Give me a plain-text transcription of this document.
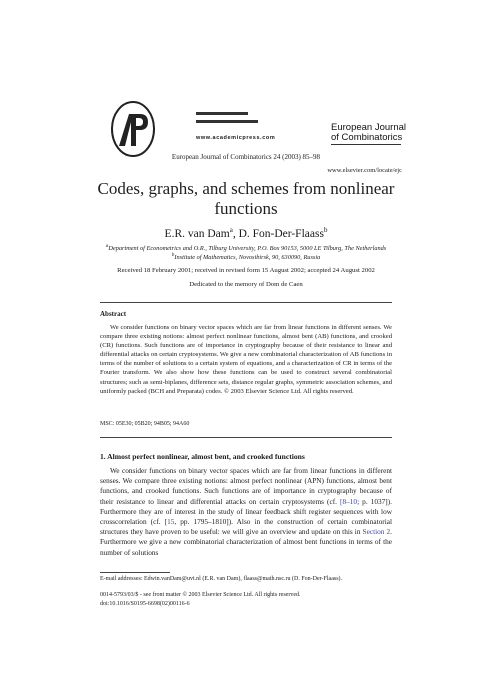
www.academicpress.com
European Journal
of Combinatorics
European Journal of Combinatorics 24 (2003) 85–98
www.elsevier.com/locate/ejc
Codes, graphs, and schemes from nonlinear functions
E.R. van Dam$^a$, D. Fon-Der-Flaass$^b$
$^a$Department of Econometrics and O.R., Tilburg University, P.O. Box 90153, 5000 LE Tilburg, The Netherlands
$^b$Institute of Mathematics, Novosibirsk, 90, 630090, Russia
Received 18 February 2001; received in revised form 15 August 2002; accepted 24 August 2002
Dedicated to the memory of Dom de Caen
Abstract
We consider functions on binary vector spaces which are far from linear functions in different senses. We compare three existing notions: almost perfect nonlinear functions, almost bent (AB) functions, and crooked (CR) functions. Such functions are of importance in cryptography because of their resistance to linear and differential attacks on certain cryptosystems. We give a new combinatorial characterization of AB functions in terms of the number of solutions to a certain system of equations, and a characterization of CR in terms of the Fourier transform. We also show how these functions can be used to construct several combinatorial structures; such as semi-biplanes, difference sets, distance regular graphs, symmetric association schemes, and uniformly packed (BCH and Preparata) codes. © 2003 Elsevier Science Ltd. All rights reserved.
MSC: 05E30; 05B20; 94B05; 94A60
1. Almost perfect nonlinear, almost bent, and crooked functions
We consider functions on binary vector spaces which are far from linear functions in different senses. We compare three existing notions: almost perfect nonlinear (APN) functions, almost bent functions, and crooked functions. Such functions are of importance in cryptography because of their resistance to linear and differential attacks on certain cryptosystems (cf. [8–10; p. 1037]). Furthermore they are of interest in the study of linear feedback shift register sequences with low crosscorrelation (cf. [15, pp. 1795–1810]). Also in the construction of certain combinatorial structures they have proven to be useful: we will give an overview and update on this in Section 2. Furthermore we give a new combinatorial characterization of almost bent functions in terms of the number of solutions
E-mail addresses: Edwin.vanDam@uvt.nl (E.R. van Dam), flaass@math.nsc.ru (D. Fon-Der-Flaass).
0014-5793/03/$ - see front matter © 2003 Elsevier Science Ltd. All rights reserved.
doi:10.1016/S0195-6698(02)00116-6
